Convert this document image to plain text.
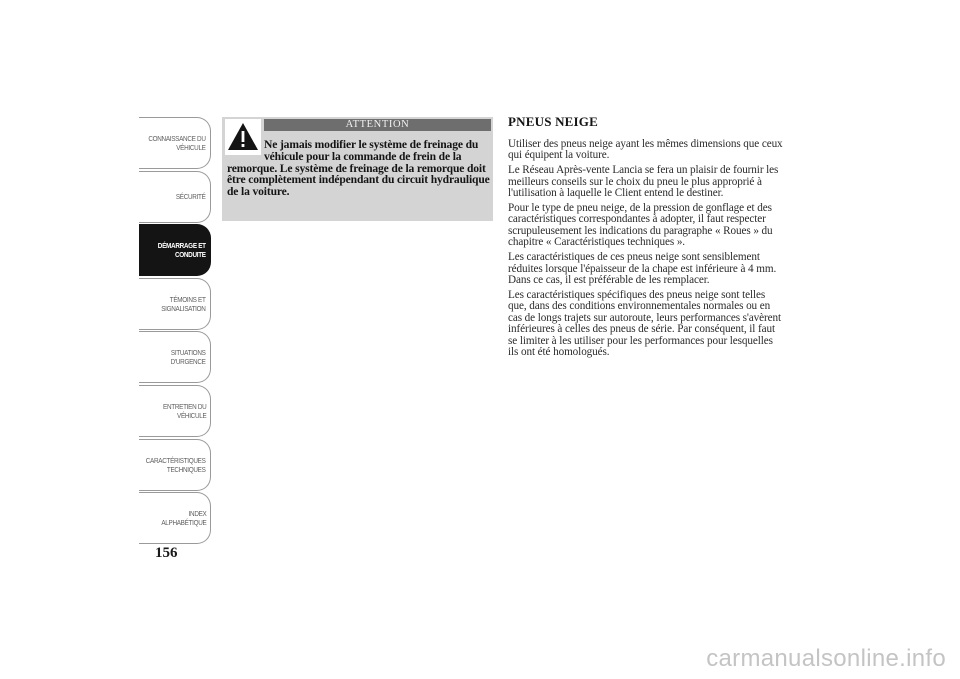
CONNAISSANCE DU
VÉHICULE
SÉCURITÉ
DÉMARRAGE ET
CONDUITE
TÉMOINS ET
SIGNALISATION
SITUATIONS
D'URGENCE
ENTRETIEN DU
VÉHICULE
CARACTÉRISTIQUES
TECHNIQUES
INDEX
ALPHABÉTIQUE
156
ATTENTION
Ne jamais modifier le système de freinage du véhicule pour la commande de frein de la remorque. Le système de freinage de la remorque doit être complètement indépendant du circuit hydraulique de la voiture.
PNEUS NEIGE

Utiliser des pneus neige ayant les mêmes dimensions que ceux qui équipent la voiture.

Le Réseau Après-vente Lancia se fera un plaisir de fournir les meilleurs conseils sur le choix du pneu le plus approprié à l'utilisation à laquelle le Client entend le destiner.

Pour le type de pneu neige, de la pression de gonflage et des caractéristiques correspondantes à adopter, il faut respecter scrupuleusement les indications du paragraphe « Roues » du chapitre « Caractéristiques techniques ».

Les caractéristiques de ces pneus neige sont sensiblement réduites lorsque l'épaisseur de la chape est inférieure à 4 mm. Dans ce cas, il est préférable de les remplacer.

Les caractéristiques spécifiques des pneus neige sont telles que, dans des conditions environnementales normales ou en cas de longs trajets sur autoroute, leurs performances s'avèrent inférieures à celles des pneus de série. Par conséquent, il faut se limiter à les utiliser pour les performances pour lesquelles ils ont été homologués.

carmanualsonline.info
